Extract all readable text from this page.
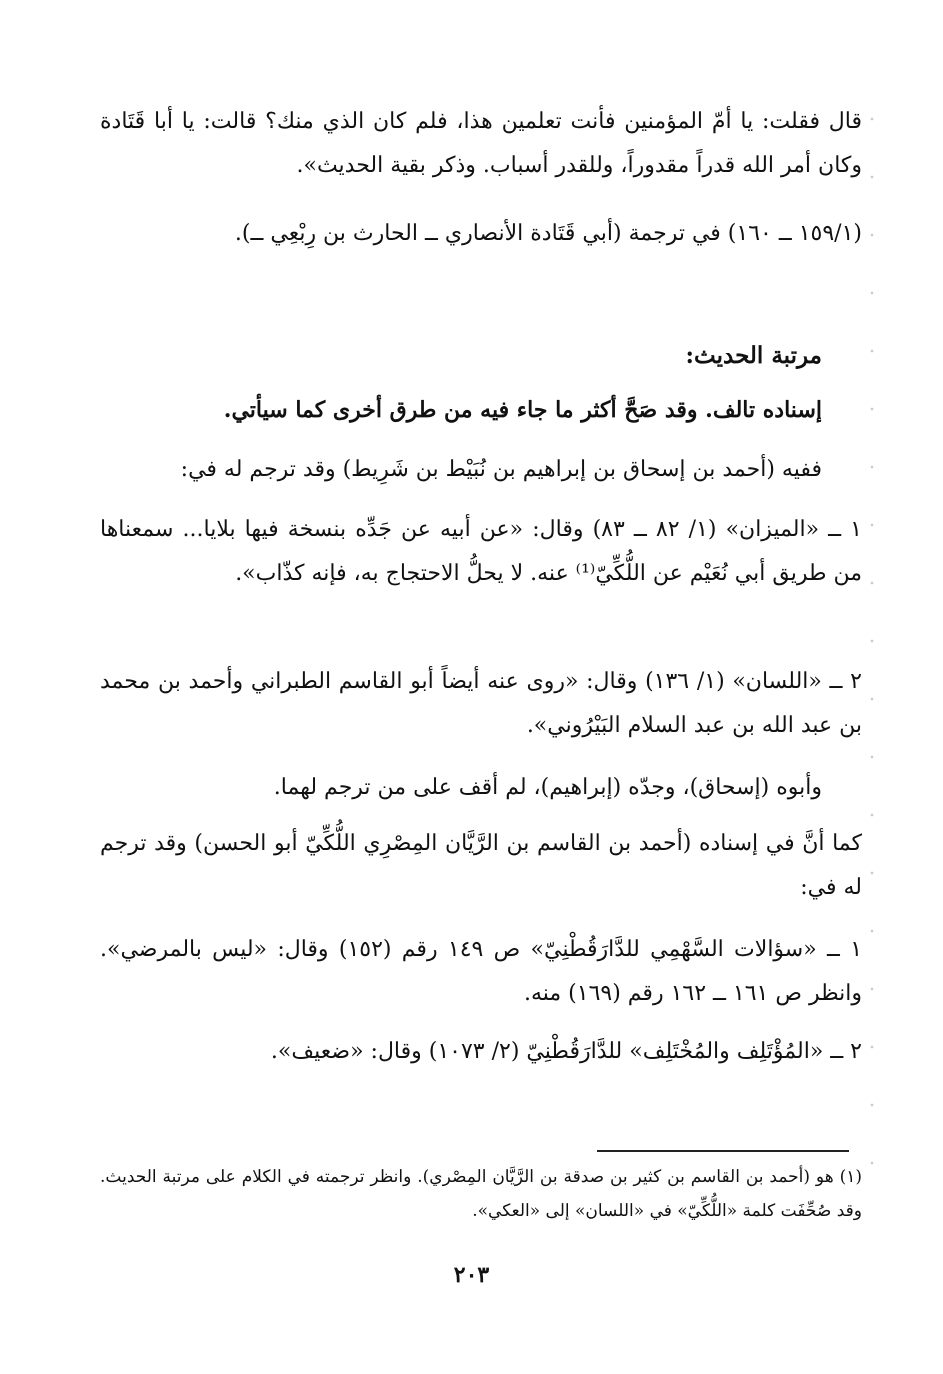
قال فقلت: يا أمّ المؤمنين فأنت تعلمين هذا، فلم كان الذي منك؟ قالت: يا أبا قَتَادة وكان أمر الله قدراً مقدوراً، وللقدر أسباب. وذكر بقية الحديث».

(١٥٩/١ ــ ١٦٠) في ترجمة (أبي قَتَادة الأنصاري ــ الحارث بن رِبْعِي ــ).

مرتبة الحديث:

إسناده تالف. وقد صَحَّ أكثر ما جاء فيه من طرق أخرى كما سيأتي.

ففيه (أحمد بن إسحاق بن إبراهيم بن نُبَيْط بن شَرِيط) وقد ترجم له في:

١ ــ «الميزان» (١/ ٨٢ ــ ٨٣) وقال: «عن أبيه عن جَدِّه بنسخة فيها بلايا... سمعناها من طريق أبي نُعَيْم عن اللُّكِّيّ⁽¹⁾ عنه. لا يحلُّ الاحتجاج به، فإنه كذّاب».

٢ ــ «اللسان» (١/ ١٣٦) وقال: «روى عنه أيضاً أبو القاسم الطبراني وأحمد بن محمد بن عبد الله بن عبد السلام البَيْرُوني».

وأبوه (إسحاق)، وجدّه (إبراهيم)، لم أقف على من ترجم لهما.

كما أنَّ في إسناده (أحمد بن القاسم بن الرَّيَّان المِصْرِي اللُّكِّيّ أبو الحسن) وقد ترجم له في:

١ ــ «سؤالات السَّهْمِي للدَّارَقُطْنِيّ» ص ١٤٩ رقم (١٥٢) وقال: «ليس بالمرضي». وانظر ص ١٦١ ــ ١٦٢ رقم (١٦٩) منه.

٢ ــ «المُؤْتَلِف والمُخْتَلِف» للدَّارَقُطْنِيّ (٢/ ١٠٧٣) وقال: «ضعيف».

(١) هو (أحمد بن القاسم بن كثير بن صدقة بن الرَّيَّان المِصْري). وانظر ترجمته في الكلام على مرتبة الحديث. وقد صُحِّفَت كلمة «اللُّكِّيّ» في «اللسان» إلى «العكي».

٢٠٣
